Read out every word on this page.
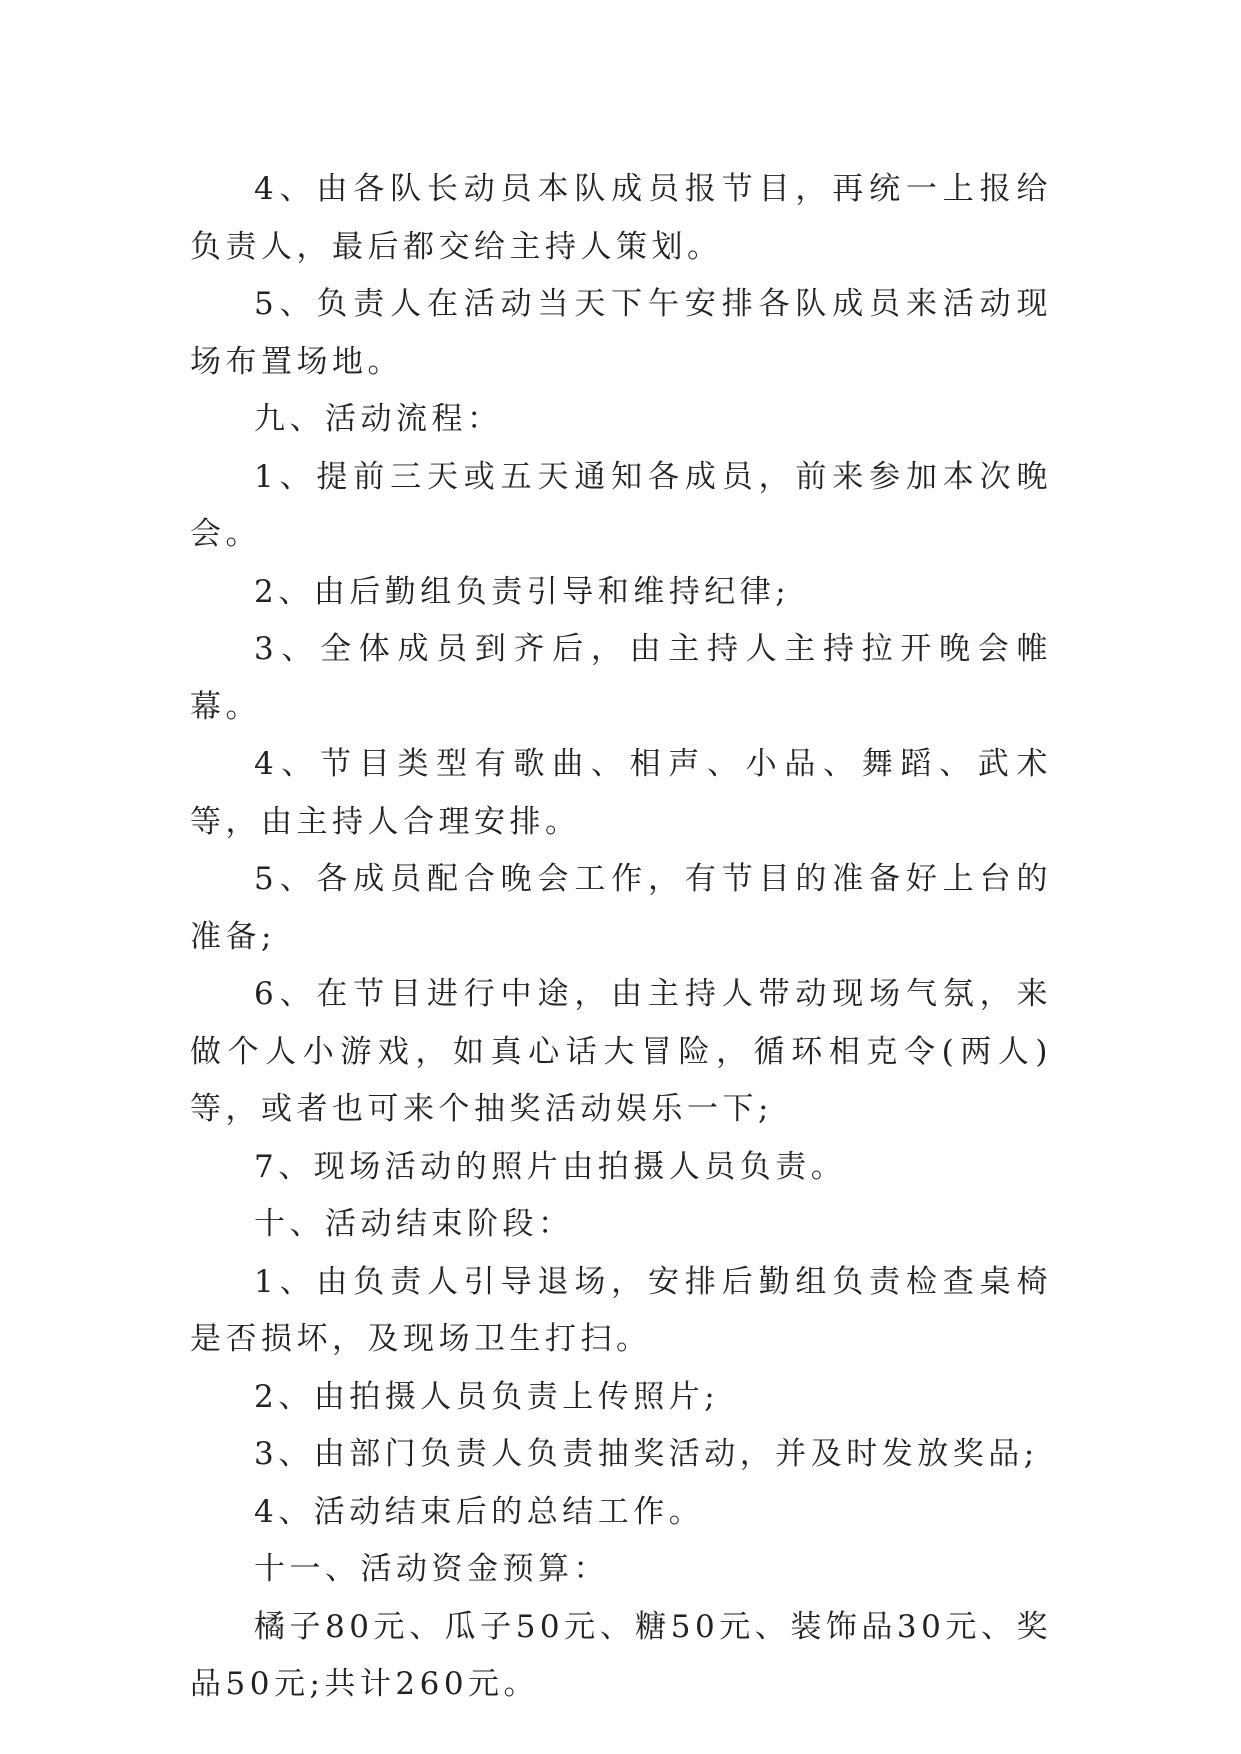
4、由各队长动员本队成员报节目，再统一上报给负责人，最后都交给主持人策划。

5、负责人在活动当天下午安排各队成员来活动现场布置场地。

九、活动流程：

1、提前三天或五天通知各成员，前来参加本次晚会。

2、由后勤组负责引导和维持纪律;

3、全体成员到齐后，由主持人主持拉开晚会帷幕。

4、节目类型有歌曲、相声、小品、舞蹈、武术等，由主持人合理安排。

5、各成员配合晚会工作，有节目的准备好上台的准备;

6、在节目进行中途，由主持人带动现场气氛，来做个人小游戏，如真心话大冒险，循环相克令(两人)等，或者也可来个抽奖活动娱乐一下;

7、现场活动的照片由拍摄人员负责。

十、活动结束阶段：

1、由负责人引导退场，安排后勤组负责检查桌椅是否损坏，及现场卫生打扫。

2、由拍摄人员负责上传照片;

3、由部门负责人负责抽奖活动，并及时发放奖品;

4、活动结束后的总结工作。

十一、活动资金预算：

橘子80元、瓜子50元、糖50元、装饰品30元、奖品50元;共计260元。
